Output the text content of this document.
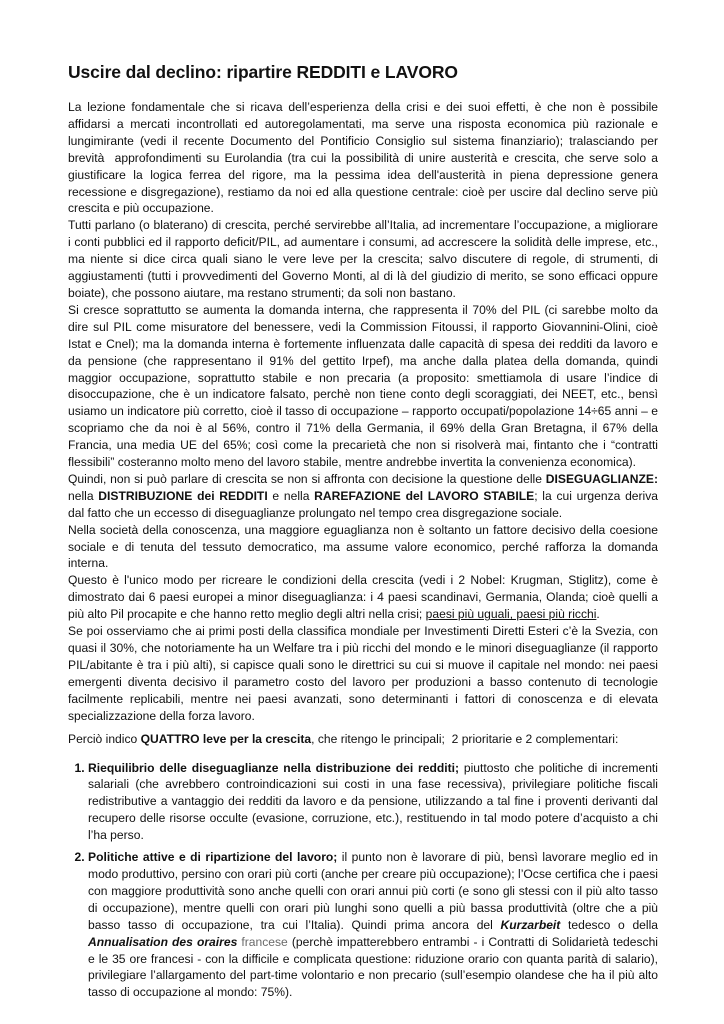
Uscire dal declino: ripartire REDDITI e LAVORO

La lezione fondamentale che si ricava dell’esperienza della crisi e dei suoi effetti, è che non è possibile affidarsi a mercati incontrollati ed autoregolamentati, ma serve una risposta economica più razionale e lungimirante (vedi il recente Documento del Pontificio Consiglio sul sistema finanziario); tralasciando per brevità  approfondimenti su Eurolandia (tra cui la possibilità di unire austerità e crescita, che serve solo a giustificare la logica ferrea del rigore, ma la pessima idea dell'austerità in piena depressione genera recessione e disgregazione), restiamo da noi ed alla questione centrale: cioè per uscire dal declino serve più crescita e più occupazione.

Tutti parlano (o blaterano) di crescita, perché servirebbe all’Italia, ad incrementare l’occupazione, a migliorare i conti pubblici ed il rapporto deficit/PIL, ad aumentare i consumi, ad accrescere la solidità delle imprese, etc., ma niente si dice circa quali siano le vere leve per la crescita; salvo discutere di regole, di strumenti, di aggiustamenti (tutti i provvedimenti del Governo Monti, al di là del giudizio di merito, se sono efficaci oppure boiate), che possono aiutare, ma restano strumenti; da soli non bastano.

Si cresce soprattutto se aumenta la domanda interna, che rappresenta il 70% del PIL (ci sarebbe molto da dire sul PIL come misuratore del benessere, vedi la Commission Fitoussi, il rapporto Giovannini-Olini, cioè Istat e Cnel); ma la domanda interna è fortemente influenzata dalle capacità di spesa dei redditi da lavoro e da pensione (che rappresentano il 91% del gettito Irpef), ma anche dalla platea della domanda, quindi maggior occupazione, soprattutto stabile e non precaria (a proposito: smettiamola di usare l’indice di disoccupazione, che è un indicatore falsato, perchè non tiene conto degli scoraggiati, dei NEET, etc., bensì usiamo un indicatore più corretto, cioè il tasso di occupazione – rapporto occupati/popolazione 14÷65 anni – e scopriamo che da noi è al 56%, contro il 71% della Germania, il 69% della Gran Bretagna, il 67% della Francia, una media UE del 65%; così come la precarietà che non si risolverà mai, fintanto che i “contratti flessibili” costeranno molto meno del lavoro stabile, mentre andrebbe invertita la convenienza economica).

Quindi, non si può parlare di crescita se non si affronta con decisione la questione delle DISEGUAGLIANZE: nella DISTRIBUZIONE dei REDDITI e nella RAREFAZIONE del LAVORO STABILE; la cui urgenza deriva dal fatto che un eccesso di diseguaglianze prolungato nel tempo crea disgregazione sociale.

Nella società della conoscenza, una maggiore eguaglianza non è soltanto un fattore decisivo della coesione sociale e di tenuta del tessuto democratico, ma assume valore economico, perché rafforza la domanda interna.

Questo è l'unico modo per ricreare le condizioni della crescita (vedi i 2 Nobel: Krugman, Stiglitz), come è dimostrato dai 6 paesi europei a minor diseguaglianza: i 4 paesi scandinavi, Germania, Olanda; cioè quelli a più alto Pil procapite e che hanno retto meglio degli altri nella crisi; paesi più uguali, paesi più ricchi.

Se poi osserviamo che ai primi posti della classifica mondiale per Investimenti Diretti Esteri c’è la Svezia, con quasi il 30%, che notoriamente ha un Welfare tra i più ricchi del mondo e le minori diseguaglianze (il rapporto PIL/abitante è tra i più alti), si capisce quali sono le direttrici su cui si muove il capitale nel mondo: nei paesi emergenti diventa decisivo il parametro costo del lavoro per produzioni a basso contenuto di tecnologie facilmente replicabili, mentre nei paesi avanzati, sono determinanti i fattori di conoscenza e di elevata specializzazione della forza lavoro.

Perciò indico QUATTRO leve per la crescita, che ritengo le principali;  2 prioritarie e 2 complementari:

1. Riequilibrio delle diseguaglianze nella distribuzione dei redditi; piuttosto che politiche di incrementi salariali (che avrebbero controindicazioni sui costi in una fase recessiva), privilegiare politiche fiscali redistributive a vantaggio dei redditi da lavoro e da pensione, utilizzando a tal fine i proventi derivanti dal recupero delle risorse occulte (evasione, corruzione, etc.), restituendo in tal modo potere d’acquisto a chi l’ha perso.
2. Politiche attive e di ripartizione del lavoro; il punto non è lavorare di più, bensì lavorare meglio ed in modo produttivo, persino con orari più corti (anche per creare più occupazione); l’Ocse certifica che i paesi con maggiore produttività sono anche quelli con orari annui più corti (e sono gli stessi con il più alto tasso di occupazione), mentre quelli con orari più lunghi sono quelli a più bassa produttività (oltre che a più basso tasso di occupazione, tra cui l’Italia). Quindi prima ancora del Kurzarbeit tedesco o della Annualisation des oraires francese (perchè impatterebbero entrambi - i Contratti di Solidarietà tedeschi e le 35 ore francesi - con la difficile e complicata questione: riduzione orario con quanta parità di salario), privilegiare l’allargamento del part-time volontario e non precario (sull’esempio olandese che ha il più alto tasso di occupazione al mondo: 75%).
